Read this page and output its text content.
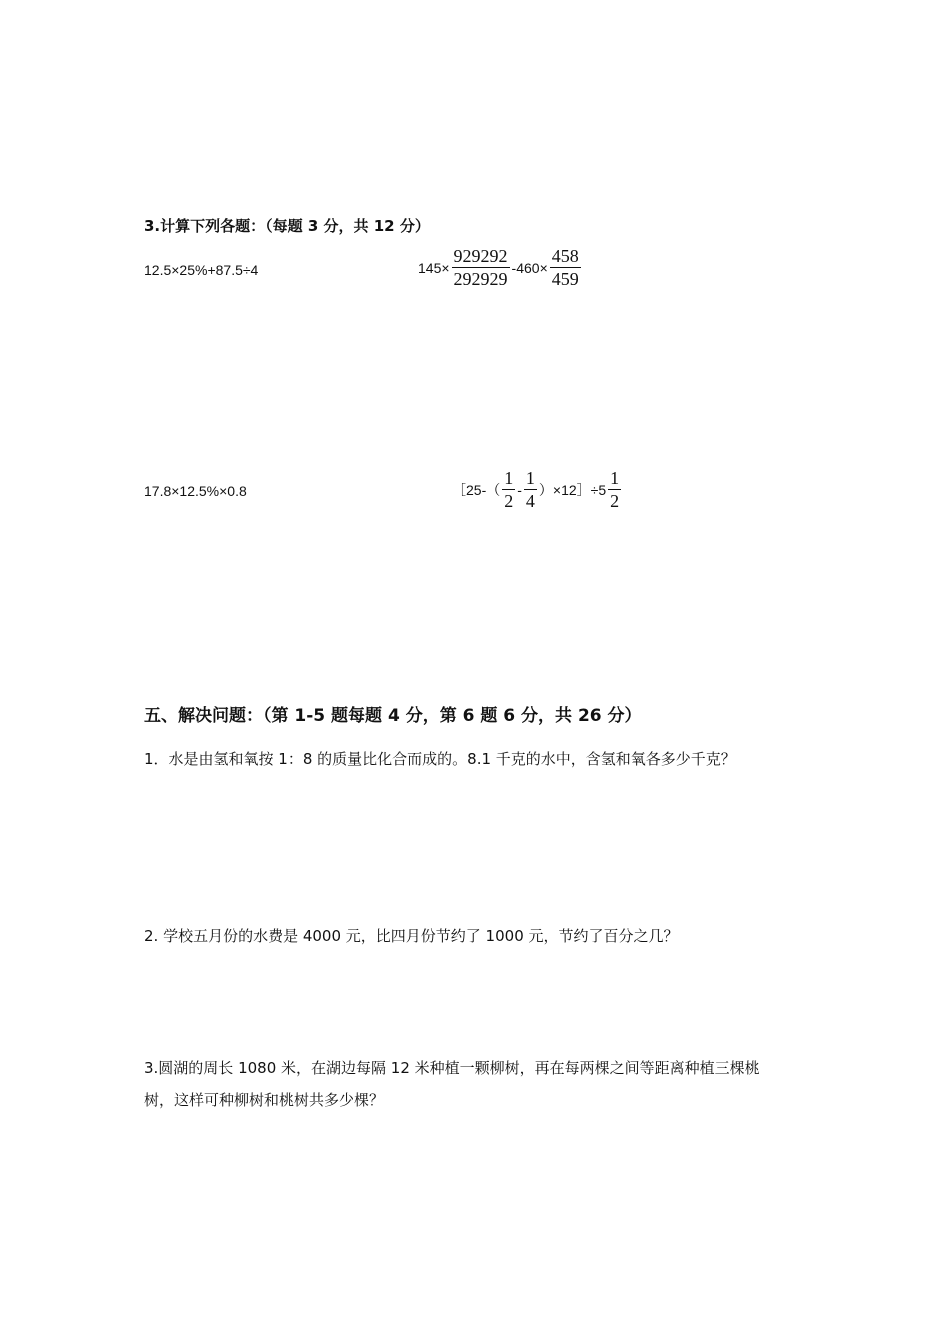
3.计算下列各题：（每题 3 分，共 12 分）
12.5×25%+87.5÷4	$145\times \frac{929292}{292929} -460\times \frac{458}{459}$
17.8×12.5%×0.8	［25-（ $\frac{1}{2} - \frac{1}{4}$ ）×12］÷5 $\frac{1}{2}$
五、解决问题：（第 1-5 题每题 4 分，第 6 题 6 分，共 26 分）
1．水是由氢和氧按 1：8 的质量比化合而成的。8.1 千克的水中，含氢和氧各多少千克？
2. 学校五月份的水费是 4000 元，比四月份节约了 1000 元，节约了百分之几？
3.圆湖的周长 1080 米，在湖边每隔 12 米种植一颗柳树，再在每两棵之间等距离种植三棵桃
树，这样可种柳树和桃树共多少棵？
